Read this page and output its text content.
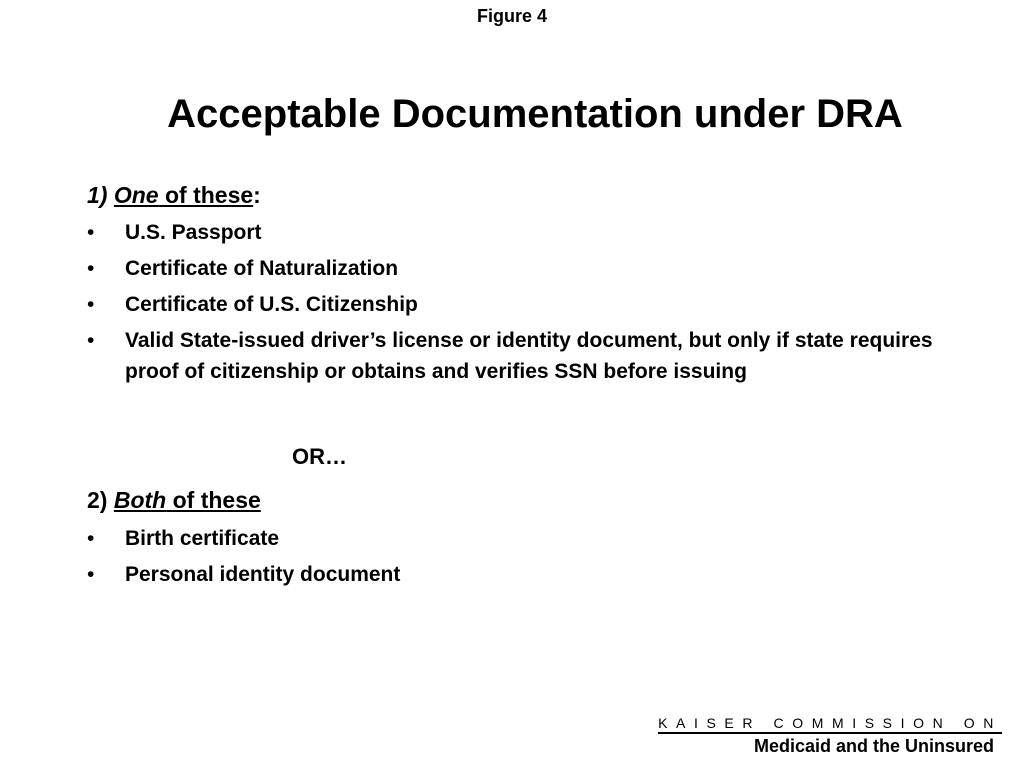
Figure 4
Acceptable Documentation under DRA
1) One of these:
• U.S. Passport
• Certificate of Naturalization
• Certificate of U.S. Citizenship
• Valid State-issued driver’s license or identity document, but only if state requires proof of citizenship or obtains and verifies SSN before issuing
OR…
2) Both of these
• Birth certificate
• Personal identity document
KAISER COMMISSION ON
Medicaid and the Uninsured
